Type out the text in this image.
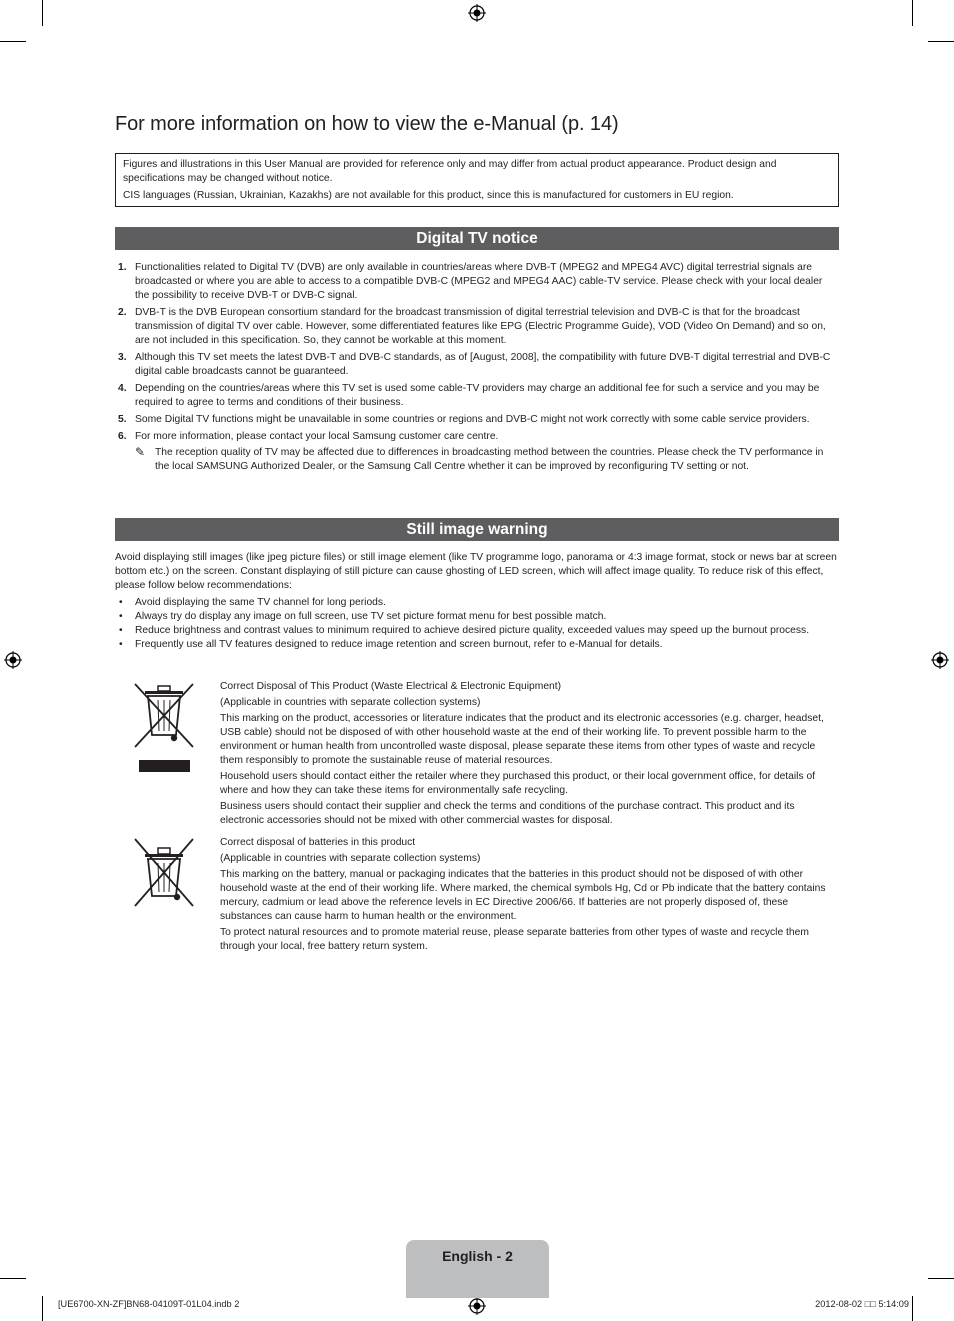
For more information on how to view the e-Manual (p. 14)

Figures and illustrations in this User Manual are provided for reference only and may differ from actual product appearance. Product design and specifications may be changed without notice.

CIS languages (Russian, Ukrainian, Kazakhs) are not available for this product, since this is manufactured for customers in EU region.

Digital TV notice
1. Functionalities related to Digital TV (DVB) are only available in countries/areas where DVB-T (MPEG2 and MPEG4 AVC) digital terrestrial signals are broadcasted or where you are able to access to a compatible DVB-C (MPEG2 and MPEG4 AAC) cable-TV service. Please check with your local dealer the possibility to receive DVB-T or DVB-C signal.
2. DVB-T is the DVB European consortium standard for the broadcast transmission of digital terrestrial television and DVB-C is that for the broadcast transmission of digital TV over cable. However, some differentiated features like EPG (Electric Programme Guide), VOD (Video On Demand) and so on, are not included in this specification. So, they cannot be workable at this moment.
3. Although this TV set meets the latest DVB-T and DVB-C standards, as of [August, 2008], the compatibility with future DVB-T digital terrestrial and DVB-C digital cable broadcasts cannot be guaranteed.
4. Depending on the countries/areas where this TV set is used some cable-TV providers may charge an additional fee for such a service and you may be required to agree to terms and conditions of their business.
5. Some Digital TV functions might be unavailable in some countries or regions and DVB-C might not work correctly with some cable service providers.
6. For more information, please contact your local Samsung customer care centre.
✎ The reception quality of TV may be affected due to differences in broadcasting method between the countries. Please check the TV performance in the local SAMSUNG Authorized Dealer, or the Samsung Call Centre whether it can be improved by reconfiguring TV setting or not.
Still image warning

Avoid displaying still images (like jpeg picture files) or still image element (like TV programme logo, panorama or 4:3 image format, stock or news bar at screen bottom etc.) on the screen. Constant displaying of still picture can cause ghosting of LED screen, which will affect image quality. To reduce risk of this effect, please follow below recommendations:

• Avoid displaying the same TV channel for long periods.
• Always try do display any image on full screen, use TV set picture format menu for best possible match.
• Reduce brightness and contrast values to minimum required to achieve desired picture quality, exceeded values may speed up the burnout process.
• Frequently use all TV features designed to reduce image retention and screen burnout, refer to e-Manual for details.

Correct Disposal of This Product (Waste Electrical & Electronic Equipment)

(Applicable in countries with separate collection systems)

This marking on the product, accessories or literature indicates that the product and its electronic accessories (e.g. charger, headset, USB cable) should not be disposed of with other household waste at the end of their working life. To prevent possible harm to the environment or human health from uncontrolled waste disposal, please separate these items from other types of waste and recycle them responsibly to promote the sustainable reuse of material resources.

Household users should contact either the retailer where they purchased this product, or their local government office, for details of where and how they can take these items for environmentally safe recycling.

Business users should contact their supplier and check the terms and conditions of the purchase contract. This product and its electronic accessories should not be mixed with other commercial wastes for disposal.

Correct disposal of batteries in this product

(Applicable in countries with separate collection systems)

This marking on the battery, manual or packaging indicates that the batteries in this product should not be disposed of with other household waste at the end of their working life. Where marked, the chemical symbols Hg, Cd or Pb indicate that the battery contains mercury, cadmium or lead above the reference levels in EC Directive 2006/66. If batteries are not properly disposed of, these substances can cause harm to human health or the environment.

To protect natural resources and to promote material reuse, please separate batteries from other types of waste and recycle them through your local, free battery return system.

English - 2
[UE6700-XN-ZF]BN68-04109T-01L04.indb 2	2012-08-02 □□ 5:14:09
